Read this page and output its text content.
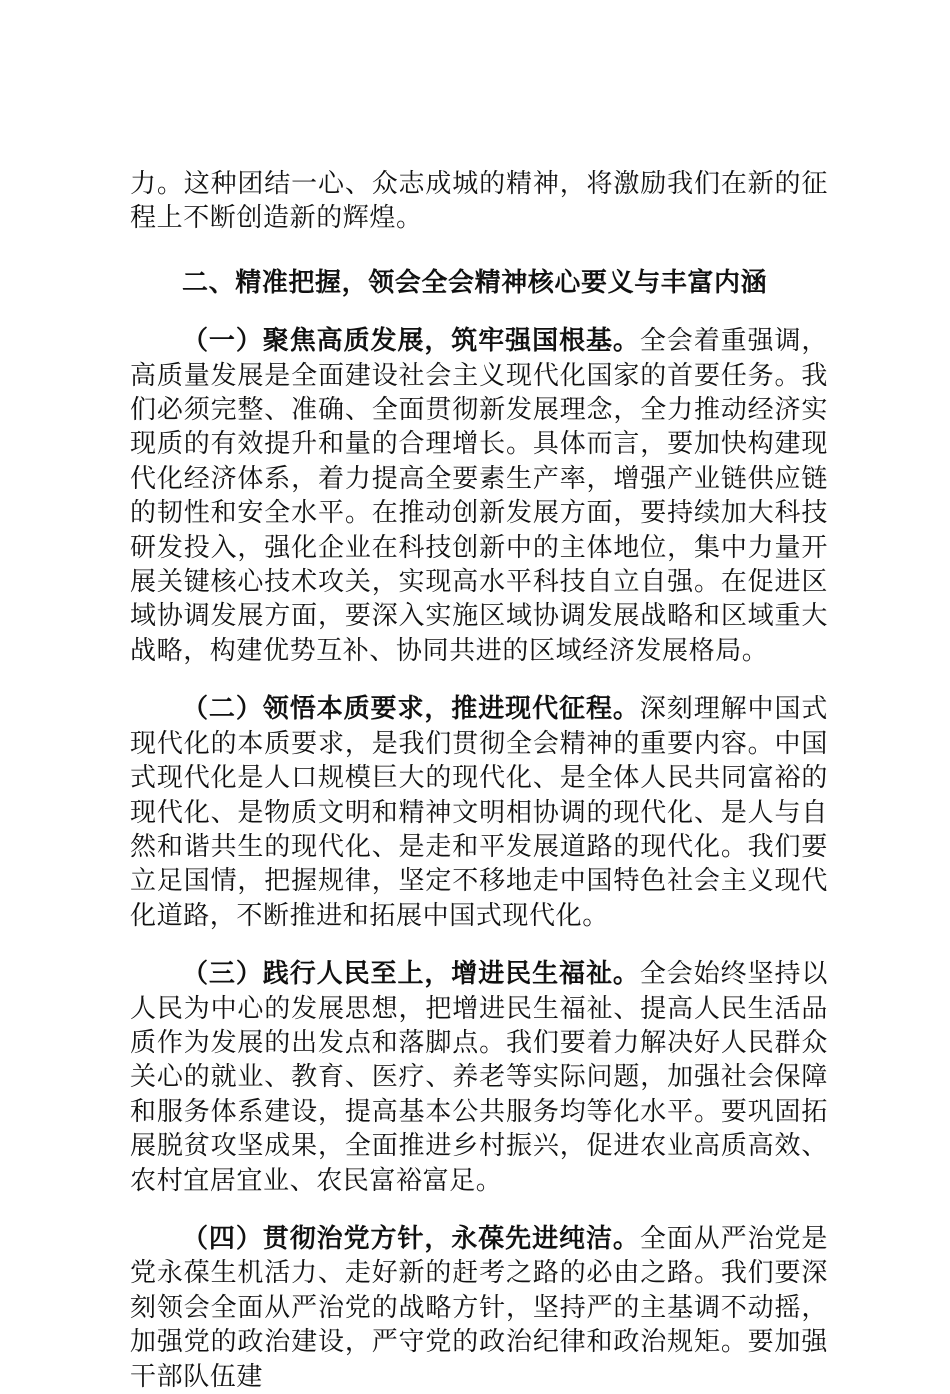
力。这种团结一心、众志成城的精神，将激励我们在新的征程上不断创造新的辉煌。

二、精准把握，领会全会精神核心要义与丰富内涵

（一）聚焦高质发展，筑牢强国根基。全会着重强调，高质量发展是全面建设社会主义现代化国家的首要任务。我们必须完整、准确、全面贯彻新发展理念，全力推动经济实现质的有效提升和量的合理增长。具体而言，要加快构建现代化经济体系，着力提高全要素生产率，增强产业链供应链的韧性和安全水平。在推动创新发展方面，要持续加大科技研发投入，强化企业在科技创新中的主体地位，集中力量开展关键核心技术攻关，实现高水平科技自立自强。在促进区域协调发展方面，要深入实施区域协调发展战略和区域重大战略，构建优势互补、协同共进的区域经济发展格局。

（二）领悟本质要求，推进现代征程。深刻理解中国式现代化的本质要求，是我们贯彻全会精神的重要内容。中国式现代化是人口规模巨大的现代化、是全体人民共同富裕的现代化、是物质文明和精神文明相协调的现代化、是人与自然和谐共生的现代化、是走和平发展道路的现代化。我们要立足国情，把握规律，坚定不移地走中国特色社会主义现代化道路，不断推进和拓展中国式现代化。

（三）践行人民至上，增进民生福祉。全会始终坚持以人民为中心的发展思想，把增进民生福祉、提高人民生活品质作为发展的出发点和落脚点。我们要着力解决好人民群众关心的就业、教育、医疗、养老等实际问题，加强社会保障和服务体系建设，提高基本公共服务均等化水平。要巩固拓展脱贫攻坚成果，全面推进乡村振兴，促进农业高质高效、农村宜居宜业、农民富裕富足。

（四）贯彻治党方针，永葆先进纯洁。全面从严治党是党永葆生机活力、走好新的赶考之路的必由之路。我们要深刻领会全面从严治党的战略方针，坚持严的主基调不动摇，加强党的政治建设，严守党的政治纪律和政治规矩。要加强干部队伍建
